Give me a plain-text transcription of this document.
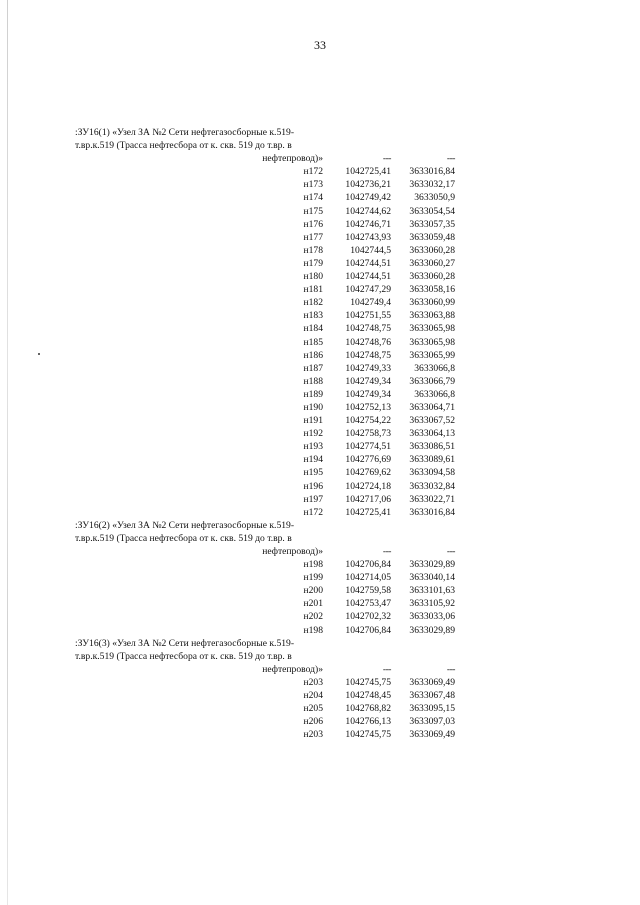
33
:ЗУ16(1) «Узел ЗА №2 Сети нефтегазосборные к.519-
т.вр.к.519 (Трасса нефтесбора от к. скв. 519 до т.вр. в
нефтепровод)»	---	---
н172	1042725,41	3633016,84
н173	1042736,21	3633032,17
н174	1042749,42	3633050,9
н175	1042744,62	3633054,54
н176	1042746,71	3633057,35
н177	1042743,93	3633059,48
н178	1042744,5	3633060,28
н179	1042744,51	3633060,27
н180	1042744,51	3633060,28
н181	1042747,29	3633058,16
н182	1042749,4	3633060,99
н183	1042751,55	3633063,88
н184	1042748,75	3633065,98
н185	1042748,76	3633065,98
н186	1042748,75	3633065,99
н187	1042749,33	3633066,8
н188	1042749,34	3633066,79
н189	1042749,34	3633066,8
н190	1042752,13	3633064,71
н191	1042754,22	3633067,52
н192	1042758,73	3633064,13
н193	1042774,51	3633086,51
н194	1042776,69	3633089,61
н195	1042769,62	3633094,58
н196	1042724,18	3633032,84
н197	1042717,06	3633022,71
н172	1042725,41	3633016,84
:ЗУ16(2) «Узел ЗА №2 Сети нефтегазосборные к.519-
т.вр.к.519 (Трасса нефтесбора от к. скв. 519 до т.вр. в
нефтепровод)»	---	---
н198	1042706,84	3633029,89
н199	1042714,05	3633040,14
н200	1042759,58	3633101,63
н201	1042753,47	3633105,92
н202	1042702,32	3633033,06
н198	1042706,84	3633029,89
:ЗУ16(3) «Узел ЗА №2 Сети нефтегазосборные к.519-
т.вр.к.519 (Трасса нефтесбора от к. скв. 519 до т.вр. в
нефтепровод)»	---	---
н203	1042745,75	3633069,49
н204	1042748,45	3633067,48
н205	1042768,82	3633095,15
н206	1042766,13	3633097,03
н203	1042745,75	3633069,49
